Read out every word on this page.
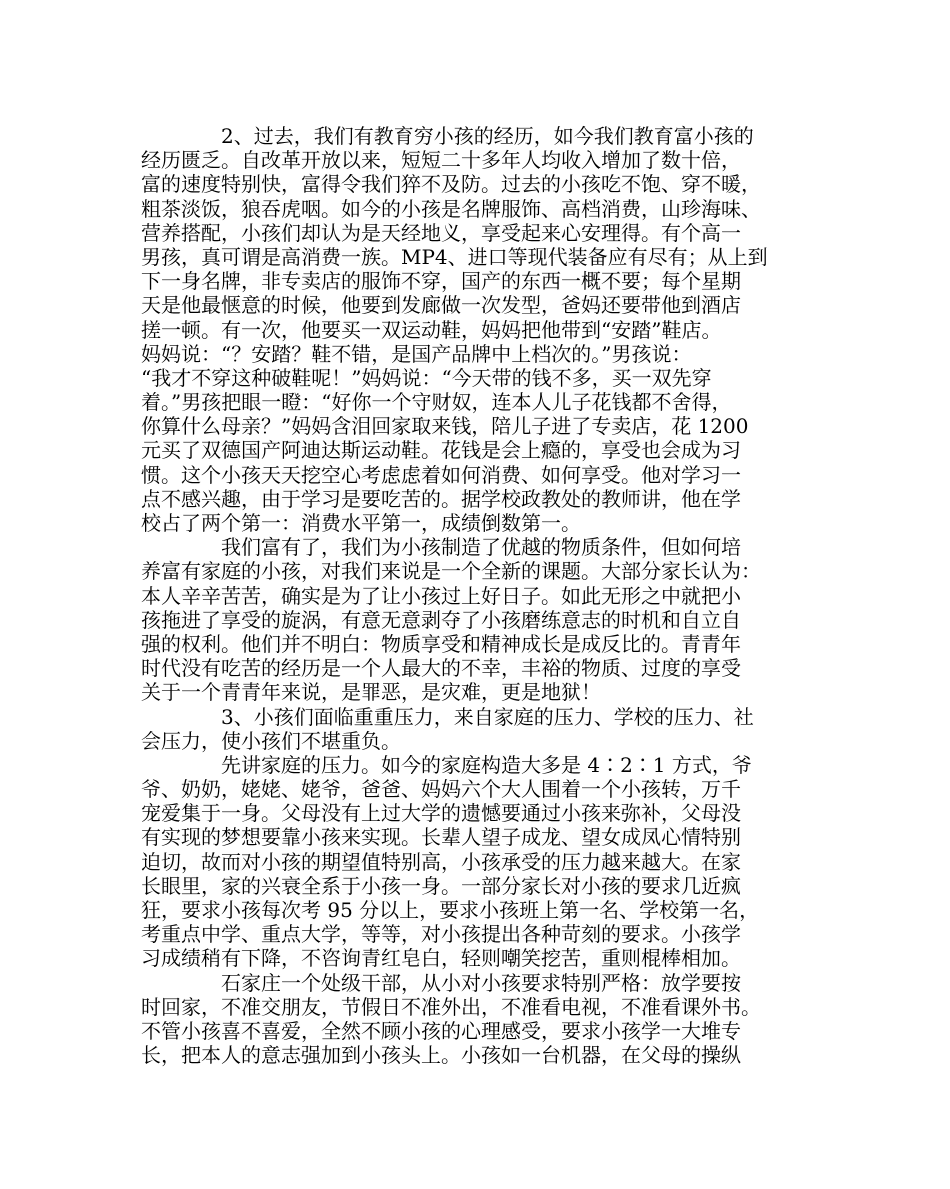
　　　　2、过去，我们有教育穷小孩的经历，如今我们教育富小孩的
经历匮乏。自改革开放以来，短短二十多年人均收入增加了数十倍，
富的速度特别快，富得令我们猝不及防。过去的小孩吃不饱、穿不暖，
粗茶淡饭，狼吞虎咽。如今的小孩是名牌服饰、高档消费，山珍海味、
营养搭配，小孩们却认为是天经地义，享受起来心安理得。有个高一
男孩，真可谓是高消费一族。MP4、进口等现代装备应有尽有；从上到
下一身名牌，非专卖店的服饰不穿，国产的东西一概不要；每个星期
天是他最惬意的时候，他要到发廊做一次发型，爸妈还要带他到酒店
搓一顿。有一次，他要买一双运动鞋，妈妈把他带到“安踏”鞋店。
妈妈说：“？安踏？鞋不错，是国产品牌中上档次的。”男孩说：
“我才不穿这种破鞋呢！”妈妈说：“今天带的钱不多，买一双先穿
着。”男孩把眼一瞪：“好你一个守财奴，连本人儿子花钱都不舍得，
你算什么母亲？”妈妈含泪回家取来钱，陪儿子进了专卖店，花 1200
元买了双德国产阿迪达斯运动鞋。花钱是会上瘾的，享受也会成为习
惯。这个小孩天天挖空心考虑虑着如何消费、如何享受。他对学习一
点不感兴趣，由于学习是要吃苦的。据学校政教处的教师讲，他在学
校占了两个第一：消费水平第一，成绩倒数第一。
　　　　我们富有了，我们为小孩制造了优越的物质条件，但如何培
养富有家庭的小孩，对我们来说是一个全新的课题。大部分家长认为：
本人辛辛苦苦，确实是为了让小孩过上好日子。如此无形之中就把小
孩拖进了享受的旋涡，有意无意剥夺了小孩磨练意志的时机和自立自
强的权利。他们并不明白：物质享受和精神成长是成反比的。青青年
时代没有吃苦的经历是一个人最大的不幸，丰裕的物质、过度的享受
关于一个青青年来说，是罪恶，是灾难，更是地狱！
　　　　3、小孩们面临重重压力，来自家庭的压力、学校的压力、社
会压力，使小孩们不堪重负。
　　　　先讲家庭的压力。如今的家庭构造大多是 4∶2∶1 方式，爷
爷、奶奶，姥姥、姥爷，爸爸、妈妈六个大人围着一个小孩转，万千
宠爱集于一身。父母没有上过大学的遗憾要通过小孩来弥补，父母没
有实现的梦想要靠小孩来实现。长辈人望子成龙、望女成凤心情特别
迫切，故而对小孩的期望值特别高，小孩承受的压力越来越大。在家
长眼里，家的兴衰全系于小孩一身。一部分家长对小孩的要求几近疯
狂，要求小孩每次考 95 分以上，要求小孩班上第一名、学校第一名，
考重点中学、重点大学，等等，对小孩提出各种苛刻的要求。小孩学
习成绩稍有下降，不咨询青红皂白，轻则嘲笑挖苦，重则棍棒相加。
　　　　石家庄一个处级干部，从小对小孩要求特别严格：放学要按
时回家，不准交朋友，节假日不准外出，不准看电视，不准看课外书。
不管小孩喜不喜爱，全然不顾小孩的心理感受，要求小孩学一大堆专
长，把本人的意志强加到小孩头上。小孩如一台机器，在父母的操纵
